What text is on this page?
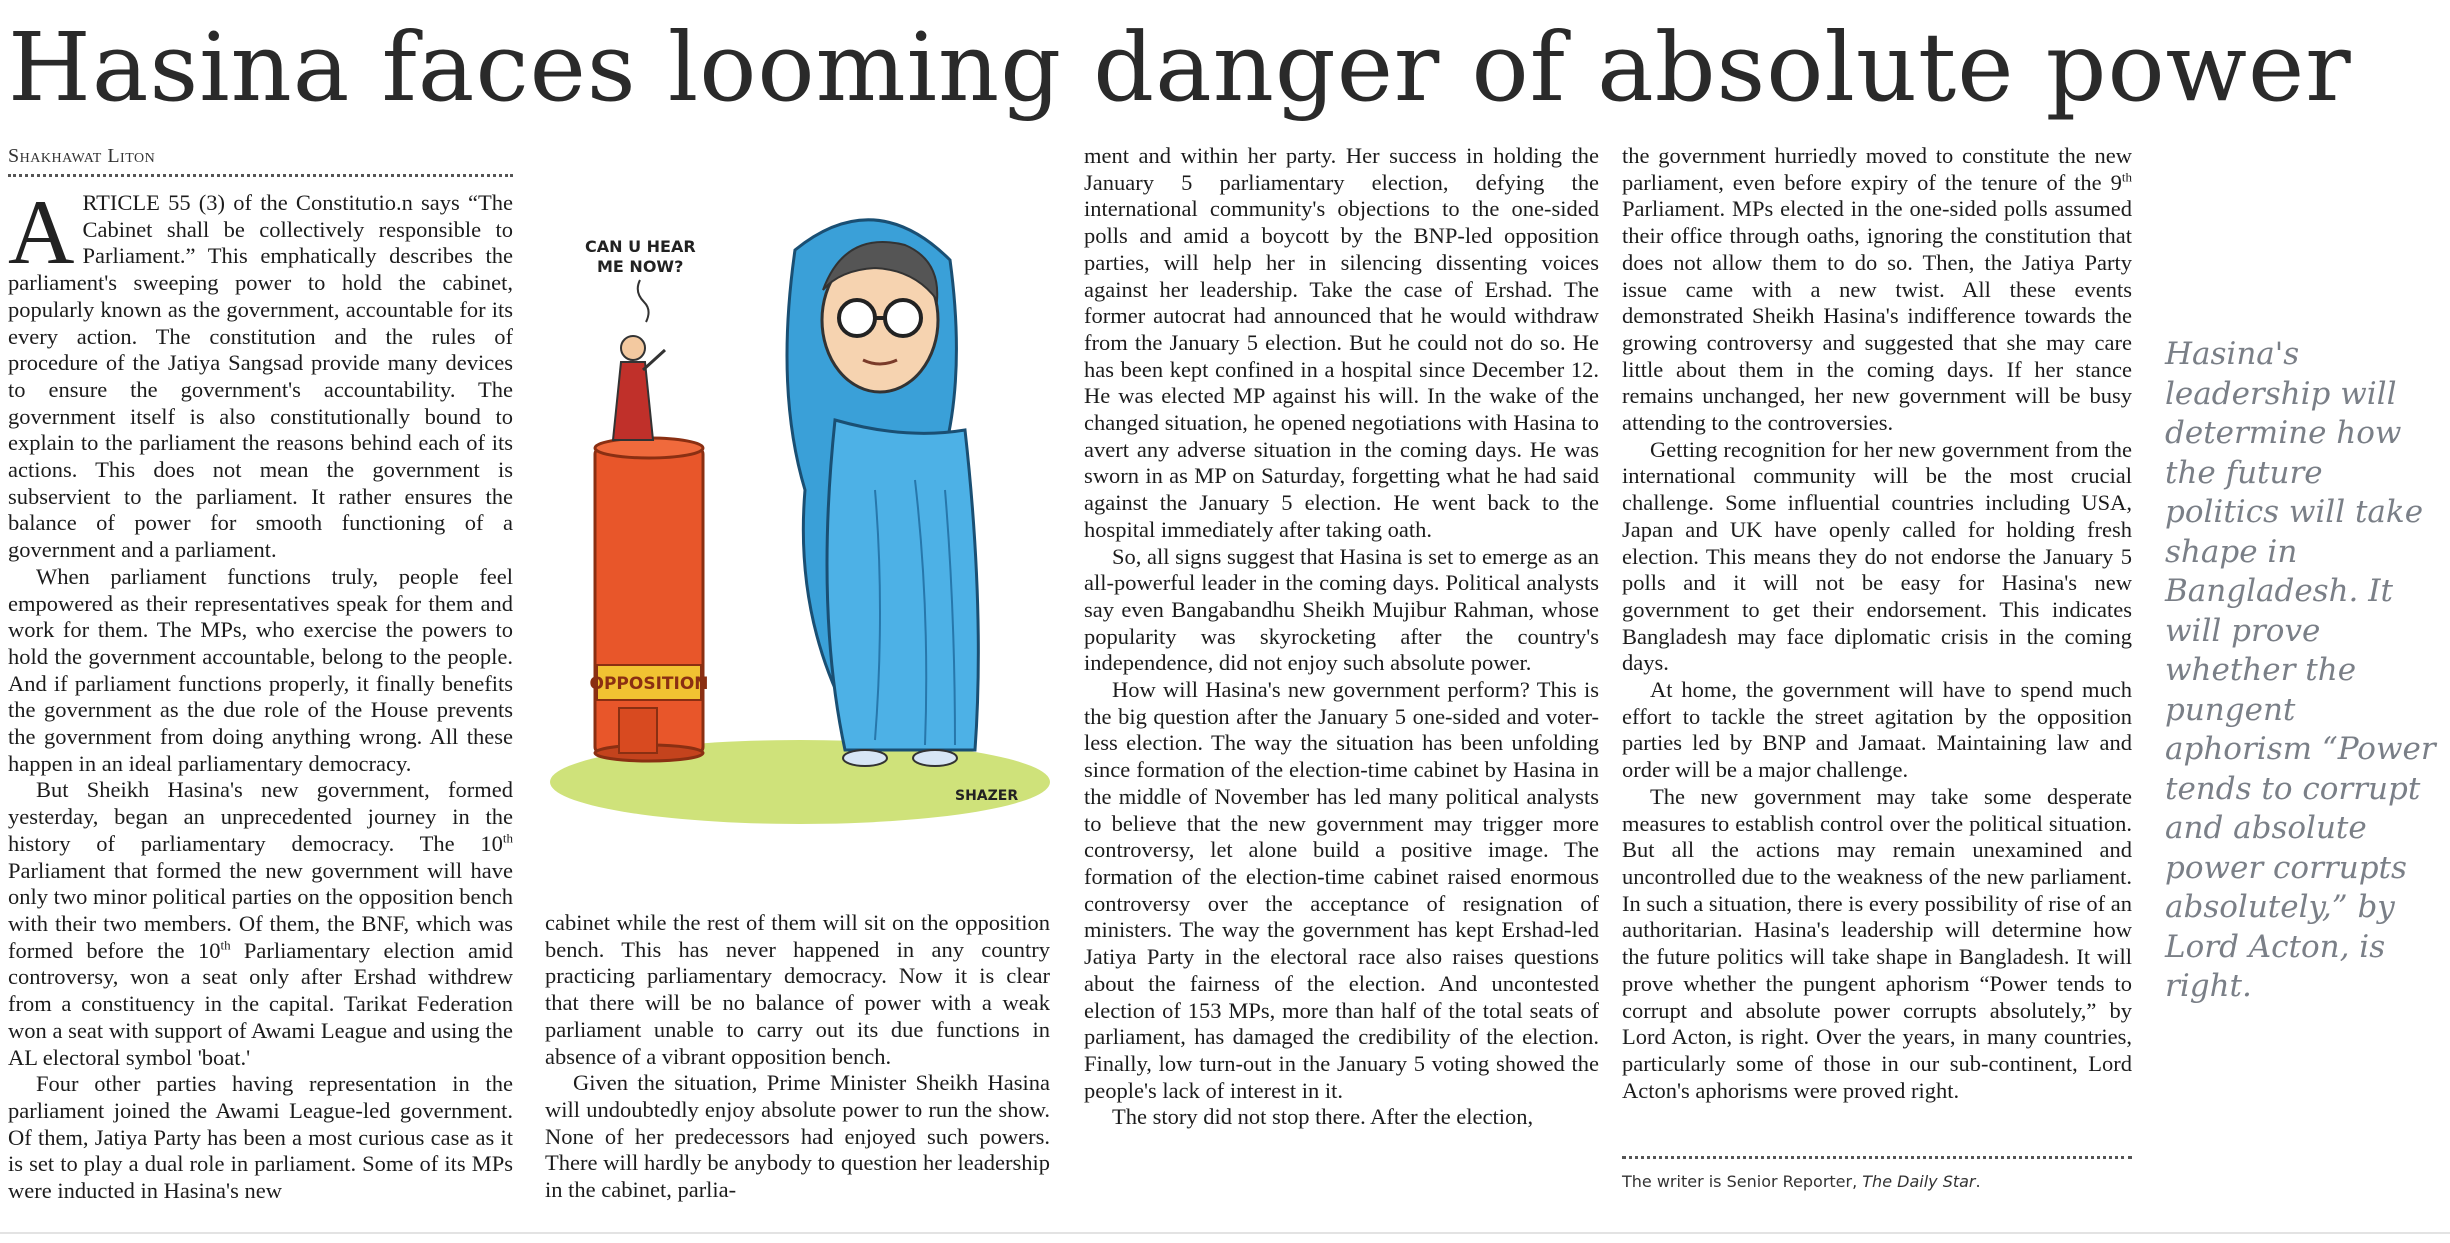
Hasina faces looming danger of absolute power
Shakhawat Liton

ARTICLE 55 (3) of the Constitutio.n says “The Cabinet shall be collectively responsible to Parliament.” This emphatically describes the parliament's sweeping power to hold the cabinet, popularly known as the government, accountable for its every action. The constitution and the rules of procedure of the Jatiya Sangsad provide many devices to ensure the government's accountability. The government itself is also constitutionally bound to explain to the parliament the reasons behind each of its actions. This does not mean the government is subservient to the parliament. It rather ensures the balance of power for smooth functioning of a government and a parliament.

When parliament functions truly, people feel empowered as their representatives speak for them and work for them. The MPs, who exercise the powers to hold the government accountable, belong to the people. And if parliament functions properly, it finally benefits the government as the due role of the House prevents the government from doing anything wrong. All these happen in an ideal parliamentary democracy.

But Sheikh Hasina's new government, formed yesterday, began an unprecedented journey in the history of parliamentary democracy. The 10th Parliament that formed the new government will have only two minor political parties on the opposition bench with their two members. Of them, the BNF, which was formed before the 10th Parliamentary election amid controversy, won a seat only after Ershad withdrew from a constituency in the capital. Tarikat Federation won a seat with support of Awami League and using the AL electoral symbol 'boat.'

Four other parties having representation in the parliament joined the Awami League-led government. Of them, Jatiya Party has been a most curious case as it is set to play a dual role in parliament. Some of its MPs were inducted in Hasina's new

CAN U HEAR
ME NOW?
OPPOSITION
SHAZER

cabinet while the rest of them will sit on the opposition bench. This has never happened in any country practicing parliamentary democracy. Now it is clear that there will be no balance of power with a weak parliament unable to carry out its due functions in absence of a vibrant opposition bench.

Given the situation, Prime Minister Sheikh Hasina will undoubtedly enjoy absolute power to run the show. None of her predecessors had enjoyed such powers. There will hardly be anybody to question her leadership in the cabinet, parlia-

ment and within her party. Her success in holding the January 5 parliamentary election, defying the international community's objections to the one-sided polls and amid a boycott by the BNP-led opposition parties, will help her in silencing dissenting voices against her leadership. Take the case of Ershad. The former autocrat had announced that he would withdraw from the January 5 election. But he could not do so. He has been kept confined in a hospital since December 12. He was elected MP against his will. In the wake of the changed situation, he opened negotiations with Hasina to avert any adverse situation in the coming days. He was sworn in as MP on Saturday, forgetting what he had said against the January 5 election. He went back to the hospital immediately after taking oath.

So, all signs suggest that Hasina is set to emerge as an all-powerful leader in the coming days. Political analysts say even Bangabandhu Sheikh Mujibur Rahman, whose popularity was skyrocketing after the country's independence, did not enjoy such absolute power.

How will Hasina's new government perform? This is the big question after the January 5 one-sided and voter-less election. The way the situation has been unfolding since formation of the election-time cabinet by Hasina in the middle of November has led many political analysts to believe that the new government may trigger more controversy, let alone build a positive image. The formation of the election-time cabinet raised enormous controversy over the acceptance of resignation of ministers. The way the government has kept Ershad-led Jatiya Party in the electoral race also raises questions about the fairness of the election. And uncontested election of 153 MPs, more than half of the total seats of parliament, has damaged the credibility of the election. Finally, low turn-out in the January 5 voting showed the people's lack of interest in it.

The story did not stop there. After the election,

the government hurriedly moved to constitute the new parliament, even before expiry of the tenure of the 9th Parliament. MPs elected in the one-sided polls assumed their office through oaths, ignoring the constitution that does not allow them to do so. Then, the Jatiya Party issue came with a new twist. All these events demonstrated Sheikh Hasina's indifference towards the growing controversy and suggested that she may care little about them in the coming days. If her stance remains unchanged, her new government will be busy attending to the controversies.

Getting recognition for her new government from the international community will be the most crucial challenge. Some influential countries including USA, Japan and UK have openly called for holding fresh election. This means they do not endorse the January 5 polls and it will not be easy for Hasina's new government to get their endorsement. This indicates Bangladesh may face diplomatic crisis in the coming days.

At home, the government will have to spend much effort to tackle the street agitation by the opposition parties led by BNP and Jamaat. Maintaining law and order will be a major challenge.

The new government may take some desperate measures to establish control over the political situation. But all the actions may remain unexamined and uncontrolled due to the weakness of the new parliament. In such a situation, there is every possibility of rise of an authoritarian. Hasina's leadership will determine how the future politics will take shape in Bangladesh. It will prove whether the pungent aphorism “Power tends to corrupt and absolute power corrupts absolutely,” by Lord Acton, is right. Over the years, in many countries, particularly some of those in our sub-continent, Lord Acton's aphorisms were proved right.

The writer is Senior Reporter, The Daily Star.

Hasina's leadership will determine how the future politics will take shape in Bangladesh. It will prove whether the pungent aphorism “Power tends to corrupt and absolute power corrupts absolutely,” by Lord Acton, is right.
